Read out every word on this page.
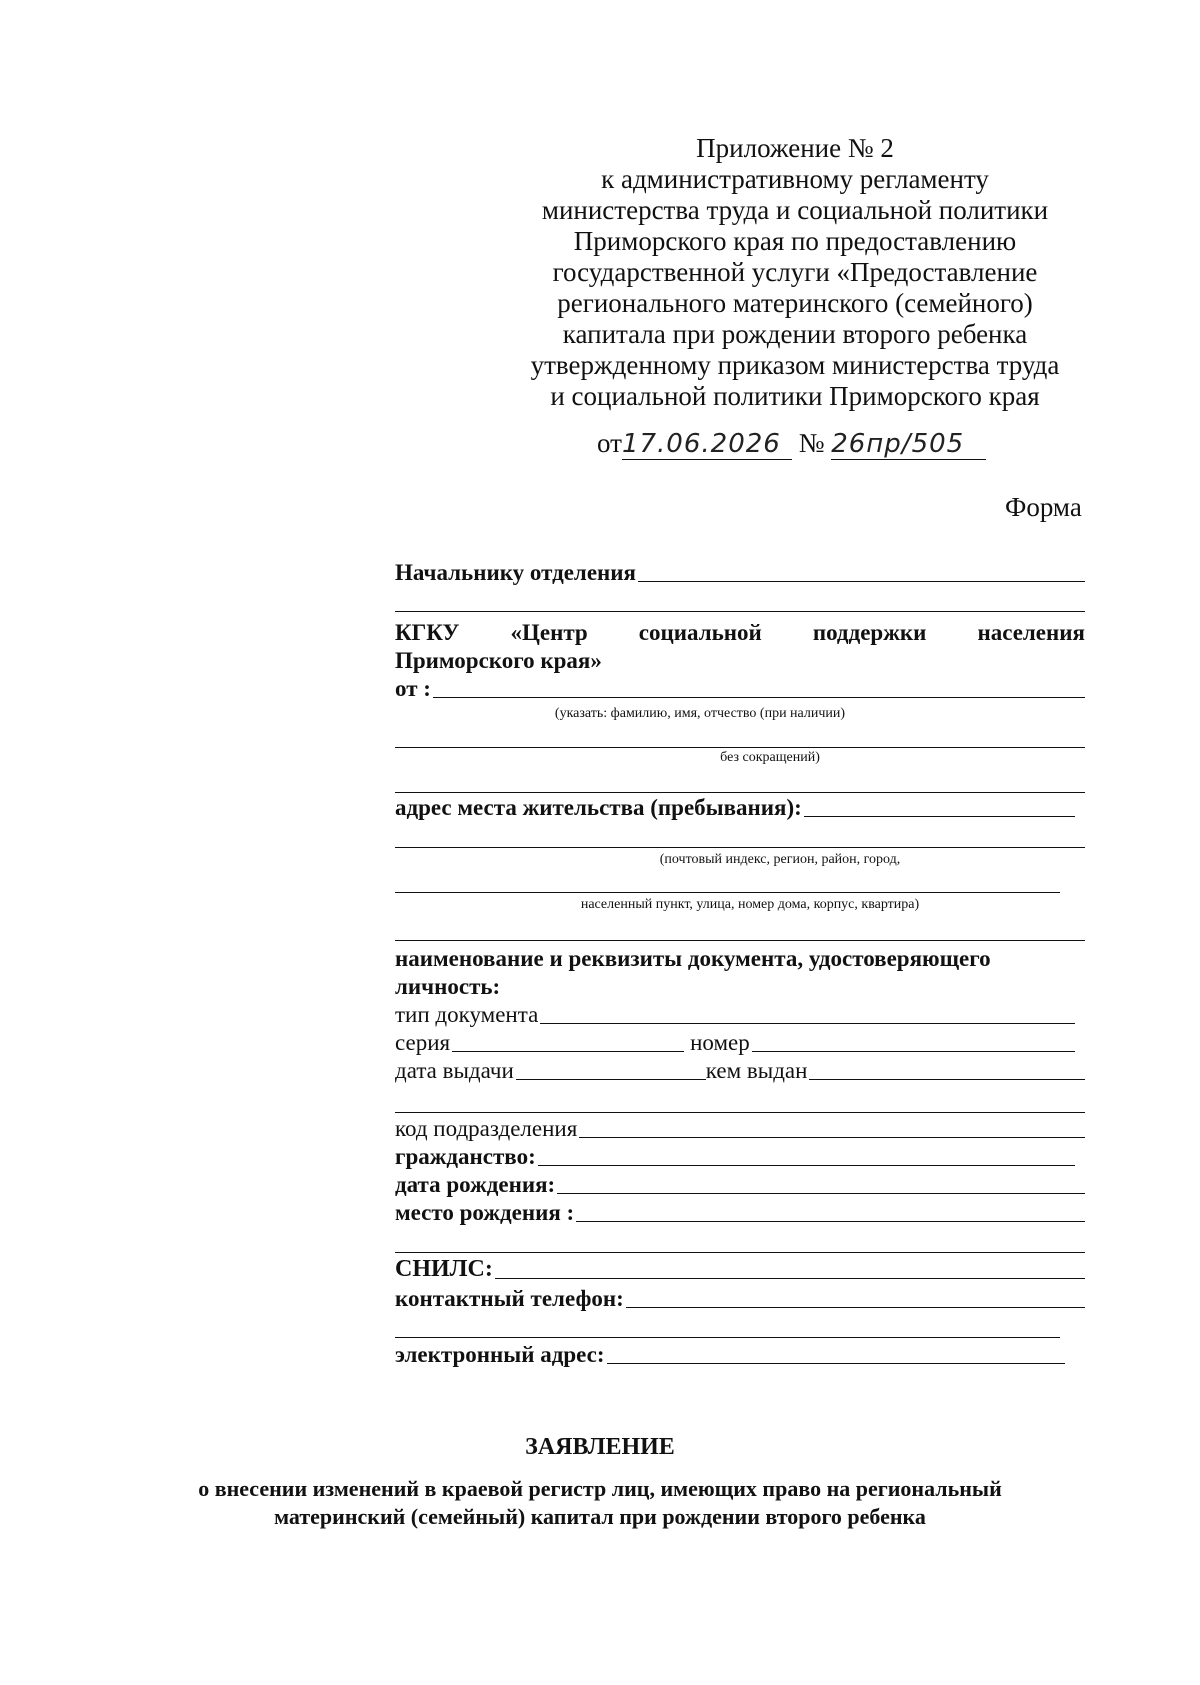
Приложение № 2
к административному регламенту
министерства труда и социальной политики
Приморского края по предоставлению
государственной услуги «Предоставление
регионального материнского (семейного)
капитала при рождении второго ребенка
утвержденному приказом министерства труда
и социальной политики Приморского края
от17.06.2026 № 26пр/505
Форма
Начальнику отделения
КГКУ «Центр социальной поддержки населения
Приморского края»
от :
(указать: фамилию, имя, отчество (при наличии)
без сокращений)
адрес места жительства (пребывания):
(почтовый индекс, регион, район, город,
населенный пункт, улица, номер дома, корпус, квартира)
наименование и реквизиты документа, удостоверяющего
личность:
тип документа
серия	номер
дата выдачи	кем выдан
код подразделения
гражданство:
дата рождения:
место рождения :
СНИЛС:
контактный телефон:
электронный адрес:
ЗАЯВЛЕНИЕ
о внесении изменений в краевой регистр лиц, имеющих право на региональный
материнский (семейный) капитал при рождении второго ребенка
